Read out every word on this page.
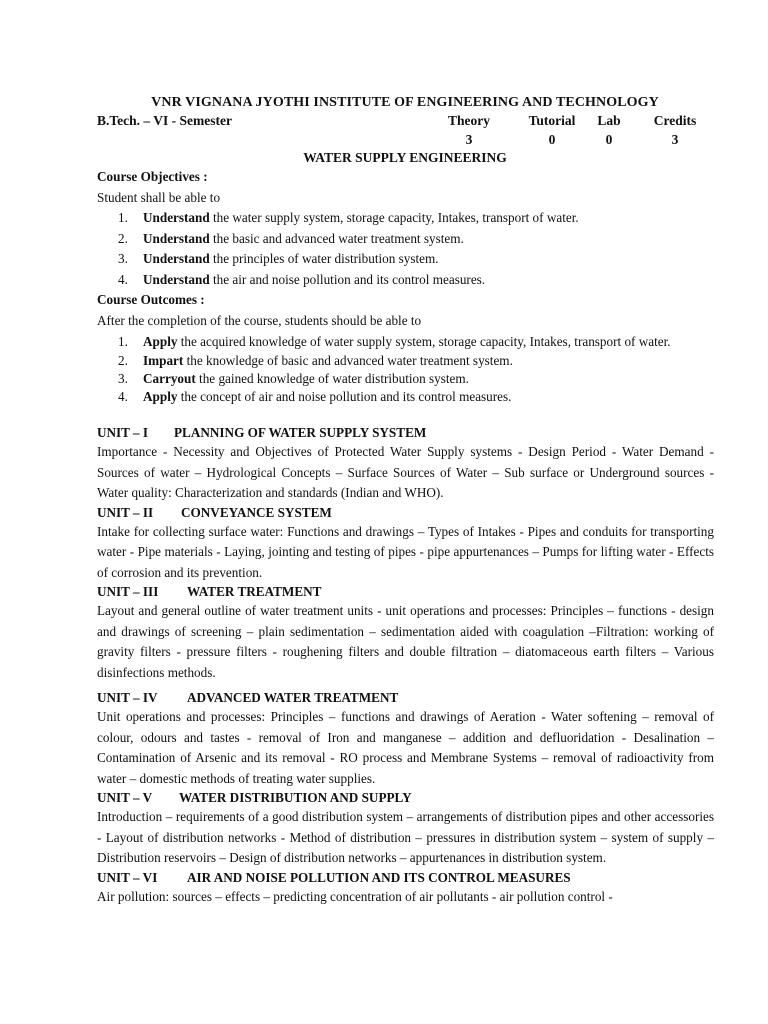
VNR VIGNANA JYOTHI INSTITUTE OF ENGINEERING AND TECHNOLOGY
B.Tech. – VI - Semester	Theory
3
Tutorial
0
Lab
0
Credits
3
WATER SUPPLY ENGINEERING

Course Objectives :

Student shall be able to

1. Understand the water supply system, storage capacity, Intakes, transport of water.
2. Understand the basic and advanced water treatment system.
3. Understand the principles of water distribution system.
4. Understand the air and noise pollution and its control measures.

Course Outcomes :

After the completion of the course, students should be able to

1. Apply the acquired knowledge of water supply system, storage capacity, Intakes, transport of water.
2. Impart the knowledge of basic and advanced water treatment system.
3. Carryout the gained knowledge of water distribution system.
4. Apply the concept of air and noise pollution and its control measures.

UNIT – I PLANNING OF WATER SUPPLY SYSTEM

Importance - Necessity and Objectives of Protected Water Supply systems - Design Period - Water Demand - Sources of water – Hydrological Concepts – Surface Sources of Water – Sub surface or Underground sources - Water quality: Characterization and standards (Indian and WHO).

UNIT – II CONVEYANCE SYSTEM

Intake for collecting surface water: Functions and drawings – Types of Intakes - Pipes and conduits for transporting water - Pipe materials - Laying, jointing and testing of pipes - pipe appurtenances – Pumps for lifting water - Effects of corrosion and its prevention.

UNIT – III WATER TREATMENT

Layout and general outline of water treatment units - unit operations and processes: Principles – functions - design and drawings of screening – plain sedimentation – sedimentation aided with coagulation –Filtration: working of gravity filters - pressure filters - roughening filters and double filtration – diatomaceous earth filters – Various disinfections methods.

UNIT – IV ADVANCED WATER TREATMENT

Unit operations and processes: Principles – functions and drawings of Aeration - Water softening – removal of colour, odours and tastes - removal of Iron and manganese – addition and defluoridation - Desalination – Contamination of Arsenic and its removal - RO process and Membrane Systems – removal of radioactivity from water – domestic methods of treating water supplies.

UNIT – V WATER DISTRIBUTION AND SUPPLY

Introduction – requirements of a good distribution system – arrangements of distribution pipes and other accessories - Layout of distribution networks - Method of distribution – pressures in distribution system – system of supply – Distribution reservoirs – Design of distribution networks – appurtenances in distribution system.

UNIT – VI AIR AND NOISE POLLUTION AND ITS CONTROL MEASURES

Air pollution: sources – effects – predicting concentration of air pollutants - air pollution control -
